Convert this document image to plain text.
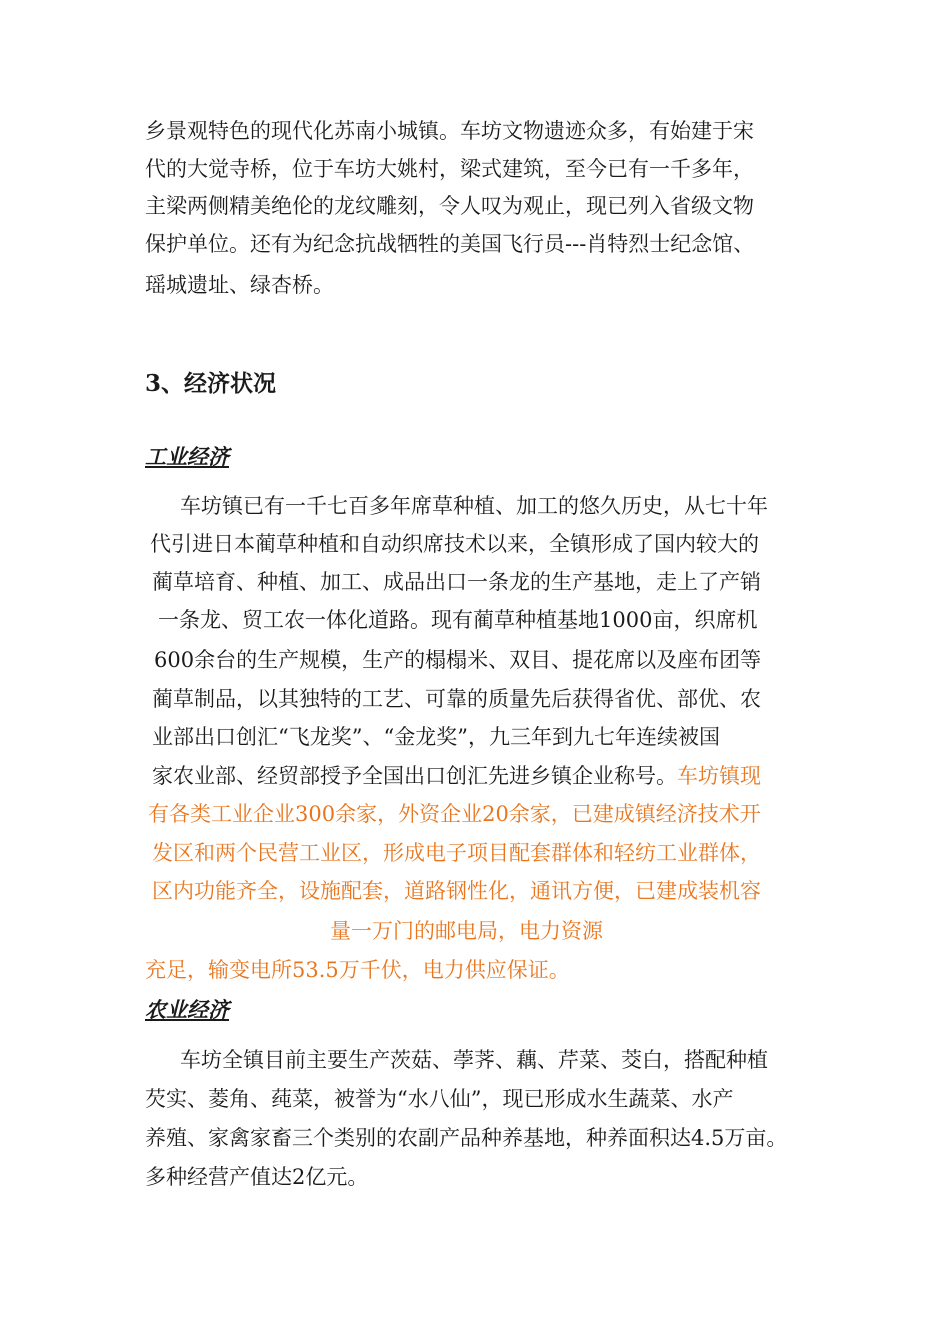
乡景观特色的现代化苏南小城镇。车坊文物遗迹众多，有始建于宋
代的大觉寺桥，位于车坊大姚村，梁式建筑，至今已有一千多年，
主梁两侧精美绝伦的龙纹雕刻，令人叹为观止，现已列入省级文物
保护单位。还有为纪念抗战牺牲的美国飞行员---肖特烈士纪念馆、
瑶城遗址、绿杏桥。
3、经济状况
工业经济
车坊镇已有一千七百多年席草种植、加工的悠久历史，从七十年
代引进日本蔺草种植和自动织席技术以来，全镇形成了国内较大的
蔺草培育、种植、加工、成品出口一条龙的生产基地，走上了产销
一条龙、贸工农一体化道路。现有蔺草种植基地1000亩，织席机
600余台的生产规模，生产的榻榻米、双目、提花席以及座布团等
蔺草制品，以其独特的工艺、可靠的质量先后获得省优、部优、农
业部出口创汇“飞龙奖”、“金龙奖”，九三年到九七年连续被国
家农业部、经贸部授予全国出口创汇先进乡镇企业称号。车坊镇现
有各类工业企业300余家，外资企业20余家，已建成镇经济技术开
发区和两个民营工业区，形成电子项目配套群体和轻纺工业群体，
区内功能齐全，设施配套，道路钢性化，通讯方便，已建成装机容
量一万门的邮电局，电力资源
充足，输变电所53.5万千伏，电力供应保证。
农业经济
车坊全镇目前主要生产茨菇、荸荠、藕、芹菜、茭白，搭配种植
芡实、菱角、莼菜，被誉为“水八仙”，现已形成水生蔬菜、水产
养殖、家禽家畜三个类别的农副产品种养基地，种养面积达4.5万亩。
多种经营产值达2亿元。
